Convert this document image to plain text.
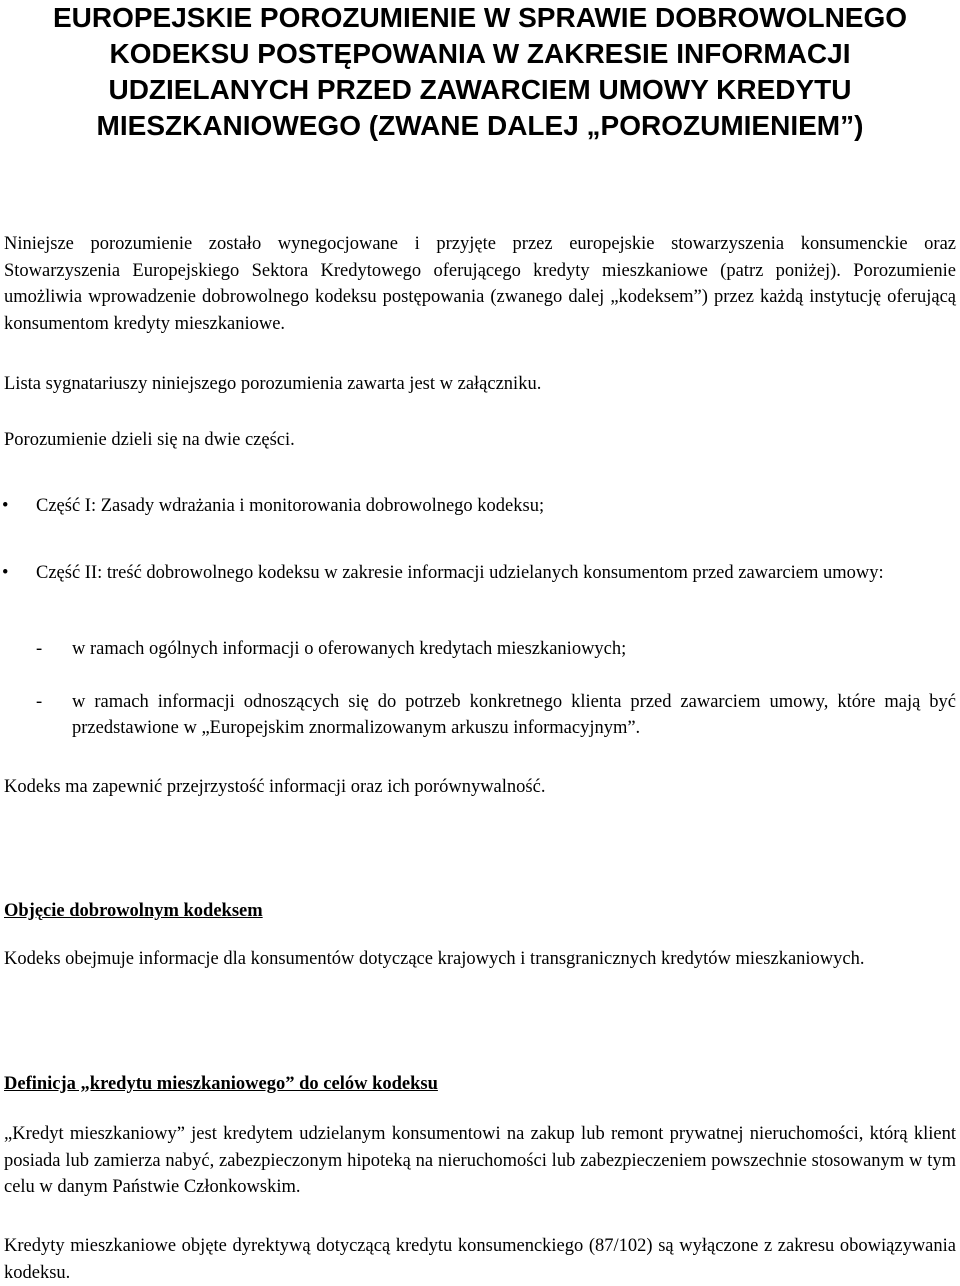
EUROPEJSKIE POROZUMIENIE W SPRAWIE DOBROWOLNEGO
KODEKSU POSTĘPOWANIA W ZAKRESIE INFORMACJI
UDZIELANYCH PRZED ZAWARCIEM UMOWY KREDYTU
MIESZKANIOWEGO (ZWANE DALEJ „POROZUMIENIEM”)

Niniejsze porozumienie zostało wynegocjowane i przyjęte przez europejskie stowarzyszenia konsumenckie oraz Stowarzyszenia Europejskiego Sektora Kredytowego oferującego kredyty mieszkaniowe (patrz poniżej). Porozumienie umożliwia wprowadzenie dobrowolnego kodeksu postępowania (zwanego dalej „kodeksem”) przez każdą instytucję oferującą konsumentom kredyty mieszkaniowe.

Lista sygnatariuszy niniejszego porozumienia zawarta jest w załączniku.

Porozumienie dzieli się na dwie części.

• Część I: Zasady wdrażania i monitorowania dobrowolnego kodeksu;
• Część II: treść dobrowolnego kodeksu w zakresie informacji udzielanych konsumentom przed zawarciem umowy:
- w ramach ogólnych informacji o oferowanych kredytach mieszkaniowych;
- w ramach informacji odnoszących się do potrzeb konkretnego klienta przed zawarciem umowy, które mają być przedstawione w „Europejskim znormalizowanym arkuszu informacyjnym”.

Kodeks ma zapewnić przejrzystość informacji oraz ich porównywalność.

Objęcie dobrowolnym kodeksem

Kodeks obejmuje informacje dla konsumentów dotyczące krajowych i transgranicznych kredytów mieszkaniowych.

Definicja „kredytu mieszkaniowego” do celów kodeksu

„Kredyt mieszkaniowy” jest kredytem udzielanym konsumentowi na zakup lub remont prywatnej nieruchomości, którą klient posiada lub zamierza nabyć, zabezpieczonym hipoteką na nieruchomości lub zabezpieczeniem powszechnie stosowanym w tym celu w danym Państwie Członkowskim.

Kredyty mieszkaniowe objęte dyrektywą dotyczącą kredytu konsumenckiego (87/102) są wyłączone z zakresu obowiązywania kodeksu.
